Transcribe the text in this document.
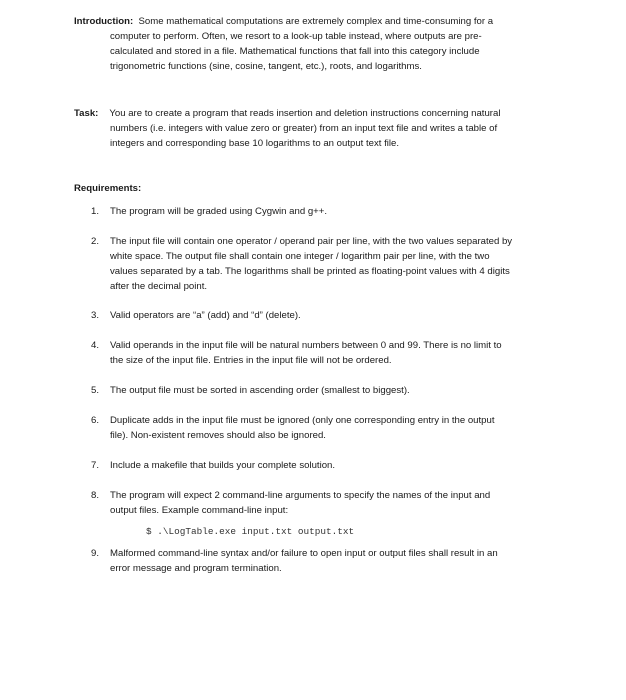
Introduction: Some mathematical computations are extremely complex and time-consuming for a
computer to perform. Often, we resort to a look-up table instead, where outputs are pre-
calculated and stored in a file. Mathematical functions that fall into this category include
trigonometric functions (sine, cosine, tangent, etc.), roots, and logarithms.
Task: You are to create a program that reads insertion and deletion instructions concerning natural
numbers (i.e. integers with value zero or greater) from an input text file and writes a table of
integers and corresponding base 10 logarithms to an output text file.
Requirements:
1.	The program will be graded using Cygwin and g++.
2.	The input file will contain one operator / operand pair per line, with the two values separated by
white space. The output file shall contain one integer / logarithm pair per line, with the two
values separated by a tab. The logarithms shall be printed as floating-point values with 4 digits
after the decimal point.
3.	Valid operators are “a” (add) and “d” (delete).
4.	Valid operands in the input file will be natural numbers between 0 and 99. There is no limit to
the size of the input file. Entries in the input file will not be ordered.
5.	The output file must be sorted in ascending order (smallest to biggest).
6.	Duplicate adds in the input file must be ignored (only one corresponding entry in the output
file). Non-existent removes should also be ignored.
7.	Include a makefile that builds your complete solution.
8.	The program will expect 2 command-line arguments to specify the names of the input and
output files. Example command-line input:
$ .\LogTable.exe input.txt output.txt
9.	Malformed command-line syntax and/or failure to open input or output files shall result in an
error message and program termination.
